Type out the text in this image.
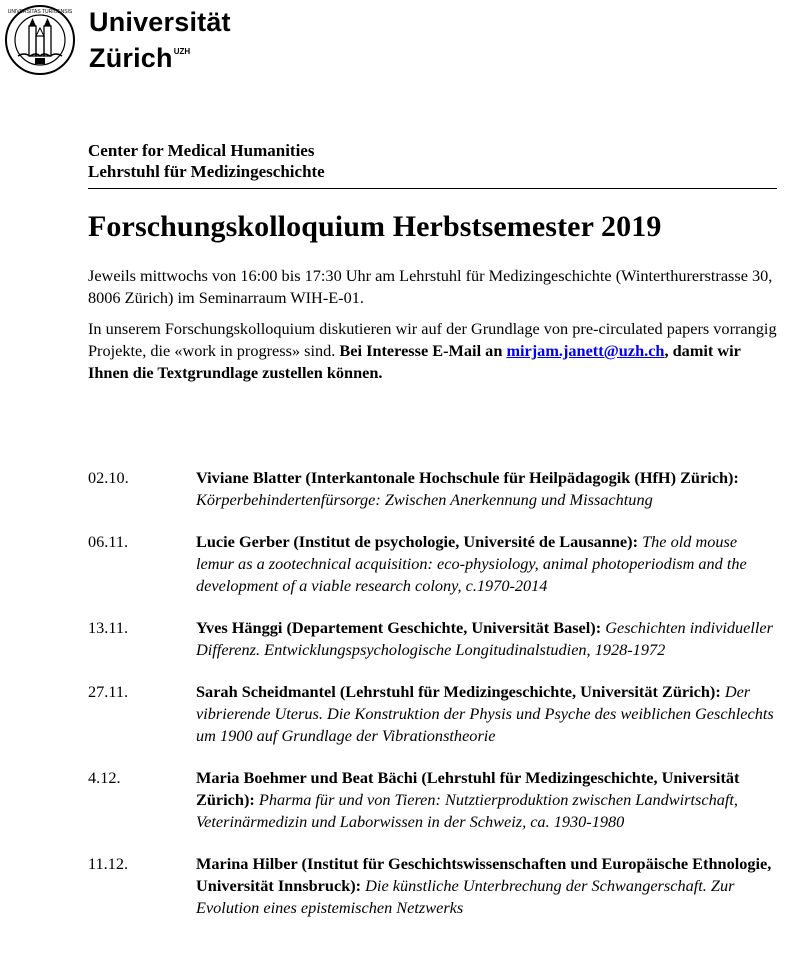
UNIVERSITAS TURICENSIS Universität
Zürich$^{UZH}$
Center for Medical Humanities
Lehrstuhl für Medizingeschichte
Forschungskolloquium Herbstsemester 2019

Jeweils mittwochs von 16:00 bis 17:30 Uhr am Lehrstuhl für Medizingeschichte (Winterthurerstrasse 30, 8006 Zürich) im Seminarraum WIH-E-01.

In unserem Forschungskolloquium diskutieren wir auf der Grundlage von pre-circulated papers vorrangig Projekte, die «work in progress» sind. Bei Interesse E-Mail an mirjam.janett@uzh.ch, damit wir Ihnen die Textgrundlage zustellen können.

02.10.	Viviane Blatter (Interkantonale Hochschule für Heilpädagogik (HfH) Zürich): Körperbehindertenfürsorge: Zwischen Anerkennung und Missachtung
06.11.	Lucie Gerber (Institut de psychologie, Université de Lausanne): The old mouse lemur as a zootechnical acquisition: eco-physiology, animal photoperiodism and the development of a viable research colony, c.1970-2014
13.11.	Yves Hänggi (Departement Geschichte, Universität Basel): Geschichten individueller Differenz. Entwicklungspsychologische Longitudinalstudien, 1928-1972
27.11.	Sarah Scheidmantel (Lehrstuhl für Medizingeschichte, Universität Zürich): Der vibrierende Uterus. Die Konstruktion der Physis und Psyche des weiblichen Geschlechts um 1900 auf Grundlage der Vibrationstheorie
4.12.	Maria Boehmer und Beat Bächi (Lehrstuhl für Medizingeschichte, Universität Zürich): Pharma für und von Tieren: Nutztierproduktion zwischen Landwirtschaft, Veterinärmedizin und Laborwissen in der Schweiz, ca. 1930-1980
11.12.	Marina Hilber (Institut für Geschichtswissenschaften und Europäische Ethnologie, Universität Innsbruck): Die künstliche Unterbrechung der Schwangerschaft. Zur Evolution eines epistemischen Netzwerks
